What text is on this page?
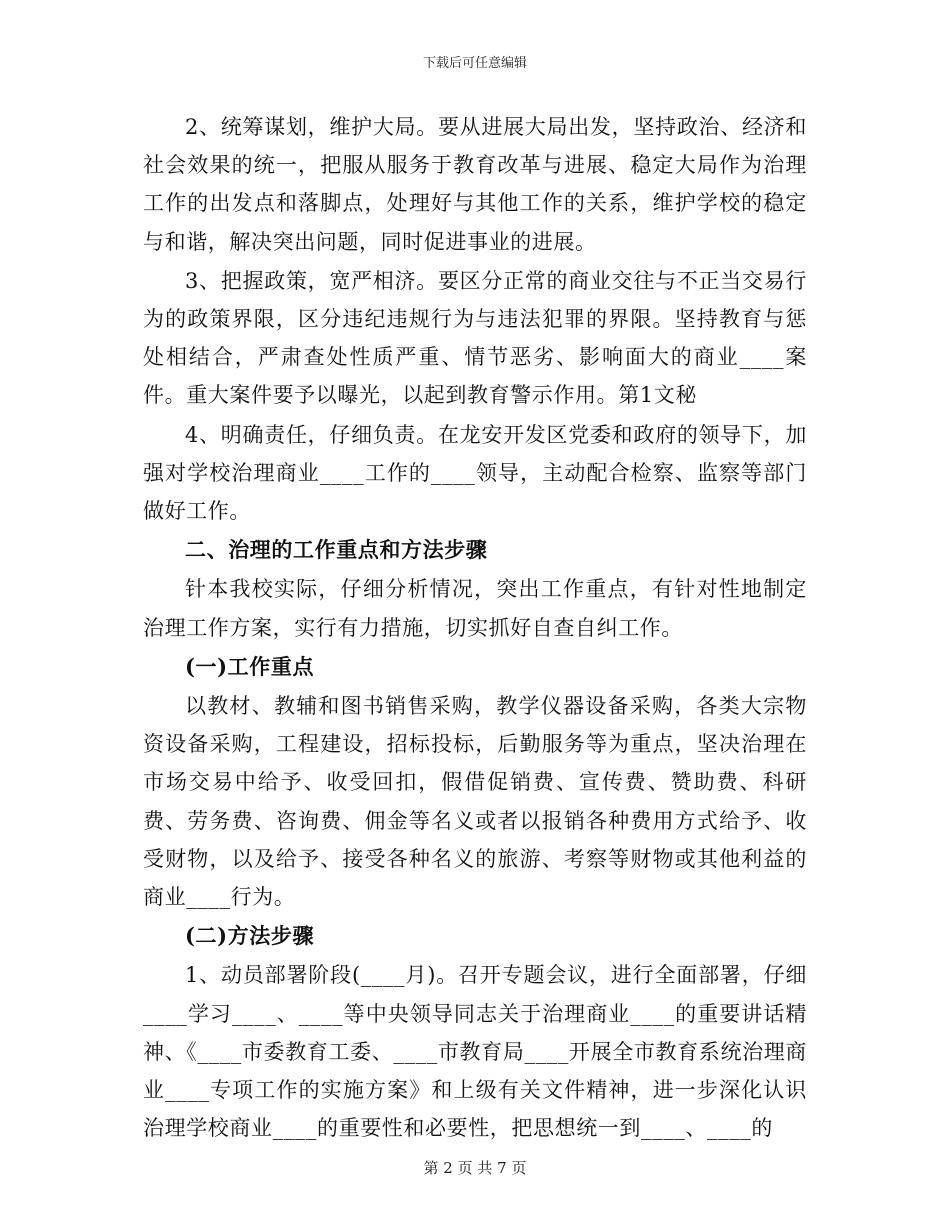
下载后可任意编辑

2、统筹谋划，维护大局。要从进展大局出发，坚持政治、经济和社会效果的统一，把服从服务于教育改革与进展、稳定大局作为治理工作的出发点和落脚点，处理好与其他工作的关系，维护学校的稳定与和谐，解决突出问题，同时促进事业的进展。

3、把握政策，宽严相济。要区分正常的商业交往与不正当交易行为的政策界限，区分违纪违规行为与违法犯罪的界限。坚持教育与惩处相结合，严肃查处性质严重、情节恶劣、影响面大的商业____案件。重大案件要予以曝光，以起到教育警示作用。第1文秘

4、明确责任，仔细负责。在龙安开发区党委和政府的领导下，加强对学校治理商业____工作的____领导，主动配合检察、监察等部门做好工作。

二、治理的工作重点和方法步骤

针本我校实际，仔细分析情况，突出工作重点，有针对性地制定治理工作方案，实行有力措施，切实抓好自查自纠工作。

(一)工作重点

以教材、教辅和图书销售采购，教学仪器设备采购，各类大宗物资设备采购，工程建设，招标投标，后勤服务等为重点，坚决治理在市场交易中给予、收受回扣，假借促销费、宣传费、赞助费、科研费、劳务费、咨询费、佣金等名义或者以报销各种费用方式给予、收受财物，以及给予、接受各种名义的旅游、考察等财物或其他利益的商业____行为。

(二)方法步骤

1、动员部署阶段(____月)。召开专题会议，进行全面部署，仔细____学习____、____等中央领导同志关于治理商业____的重要讲话精神、《____市委教育工委、____市教育局____开展全市教育系统治理商业____专项工作的实施方案》和上级有关文件精神，进一步深化认识治理学校商业____的重要性和必要性，把思想统一到____、____的

第 2 页 共 7 页
